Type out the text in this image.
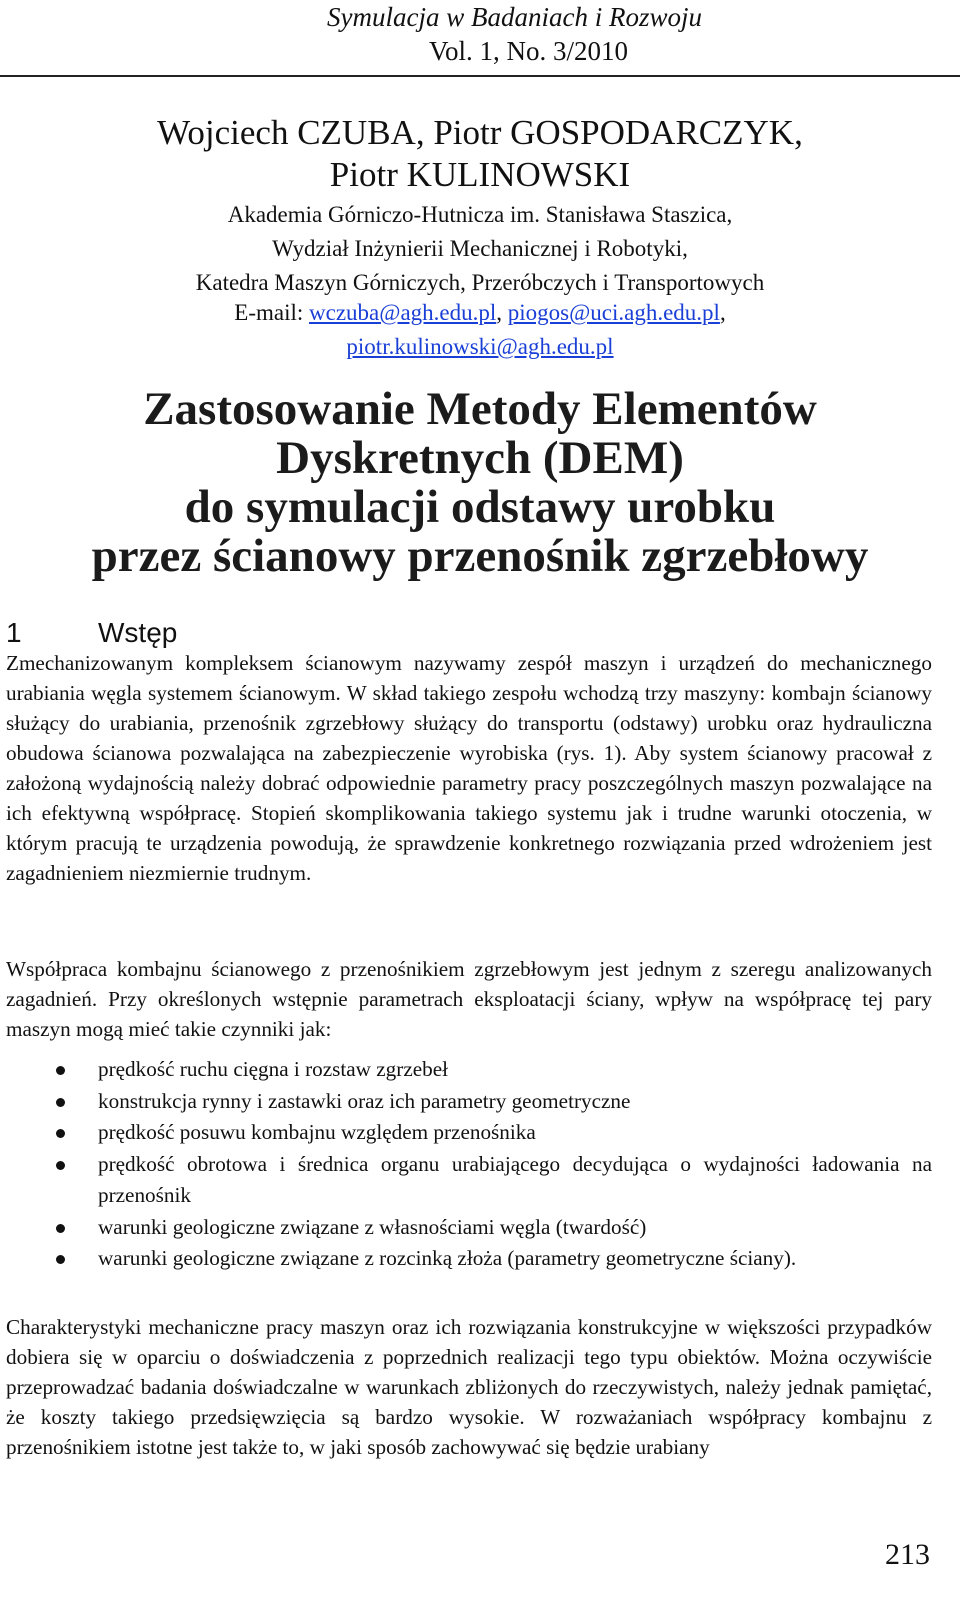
Symulacja w Badaniach i Rozwoju
Vol. 1, No. 3/2010
Wojciech CZUBA, Piotr GOSPODARCZYK,
Piotr KULINOWSKI
Akademia Górniczo-Hutnicza im. Stanisława Staszica,
Wydział Inżynierii Mechanicznej i Robotyki,
Katedra Maszyn Górniczych, Przeróbczych i Transportowych
E-mail: wczuba@agh.edu.pl, piogos@uci.agh.edu.pl,
piotr.kulinowski@agh.edu.pl
Zastosowanie Metody Elementów
Dyskretnych (DEM)
do symulacji odstawy urobku
przez ścianowy przenośnik zgrzebłowy
1	Wstęp
Zmechanizowanym kompleksem ścianowym nazywamy zespół maszyn i urządzeń do mechanicznego urabiania węgla systemem ścianowym. W skład takiego zespołu wchodzą trzy maszyny: kombajn ścianowy służący do urabiania, przenośnik zgrzebłowy służący do transportu (odstawy) urobku oraz hydrauliczna obudowa ścianowa pozwalająca na zabezpieczenie wyrobiska (rys. 1). Aby system ścianowy pracował z założoną wydajnością należy dobrać odpowiednie parametry pracy poszczególnych maszyn pozwalające na ich efektywną współpracę. Stopień skomplikowania takiego systemu jak i trudne warunki otoczenia, w którym pracują te urządzenia powodują, że sprawdzenie konkretnego rozwiązania przed wdrożeniem jest zagadnieniem niezmiernie trudnym.
Współpraca kombajnu ścianowego z przenośnikiem zgrzebłowym jest jednym z szeregu analizowanych zagadnień. Przy określonych wstępnie parametrach eksploatacji ściany, wpływ na współpracę tej pary maszyn mogą mieć takie czynniki jak:
prędkość ruchu cięgna i rozstaw zgrzebeł
konstrukcja rynny i zastawki oraz ich parametry geometryczne
prędkość posuwu kombajnu względem przenośnika
prędkość obrotowa i średnica organu urabiającego decydująca o wydajności ładowania na przenośnik
warunki geologiczne związane z własnościami węgla (twardość)
warunki geologiczne związane z rozcinką złoża (parametry geometryczne ściany).
Charakterystyki mechaniczne pracy maszyn oraz ich rozwiązania konstrukcyjne w większości przypadków dobiera się w oparciu o doświadczenia z poprzednich realizacji tego typu obiektów. Można oczywiście przeprowadzać badania doświadczalne w warunkach zbliżonych do rzeczywistych, należy jednak pamiętać, że koszty takiego przedsięwzięcia są bardzo wysokie. W rozważaniach współpracy kombajnu z przenośnikiem istotne jest także to, w jaki sposób zachowywać się będzie urabiany
213
